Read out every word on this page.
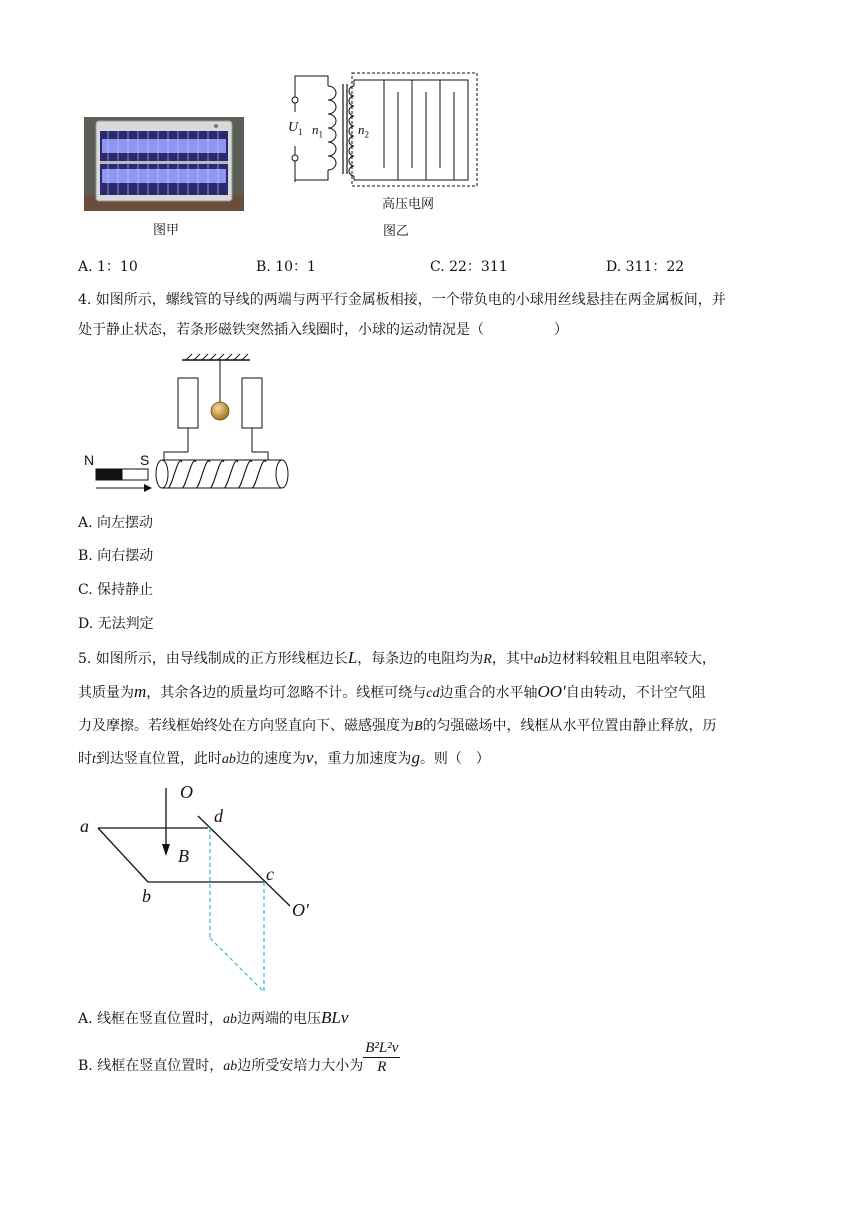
图甲
$U_1$ $n_1$	$n_2$
高压电网
图乙
A. 1：10	B. 10：1	C. 22：311	D. 311：22
4. 如图所示，螺线管的导线的两端与两平行金属板相接，一个带负电的小球用丝线悬挂在两金属板间，并
处于静止状态，若条形磁铁突然插入线圈时，小球的运动情况是（　　　　　）
N	S
A. 向左摆动
B. 向右摆动
C. 保持静止
D. 无法判定
5. 如图所示，由导线制成的正方形线框边长L，每条边的电阻均为R，其中ab边材料较粗且电阻率较大，
其质量为m，其余各边的质量均可忽略不计。线框可绕与cd边重合的水平轴OO′自由转动，不计空气阻
力及摩擦。若线框始终处在方向竖直向下、磁感强度为B的匀强磁场中，线框从水平位置由静止释放，历
时t到达竖直位置，此时ab边的速度为v，重力加速度为g。则（　）
O
d
a
B
c
b
O′
A. 线框在竖直位置时，ab边两端的电压BLv
B. 线框在竖直位置时，ab边所受安培力大小为 $\frac{\text{B²L²v}}{R}$
